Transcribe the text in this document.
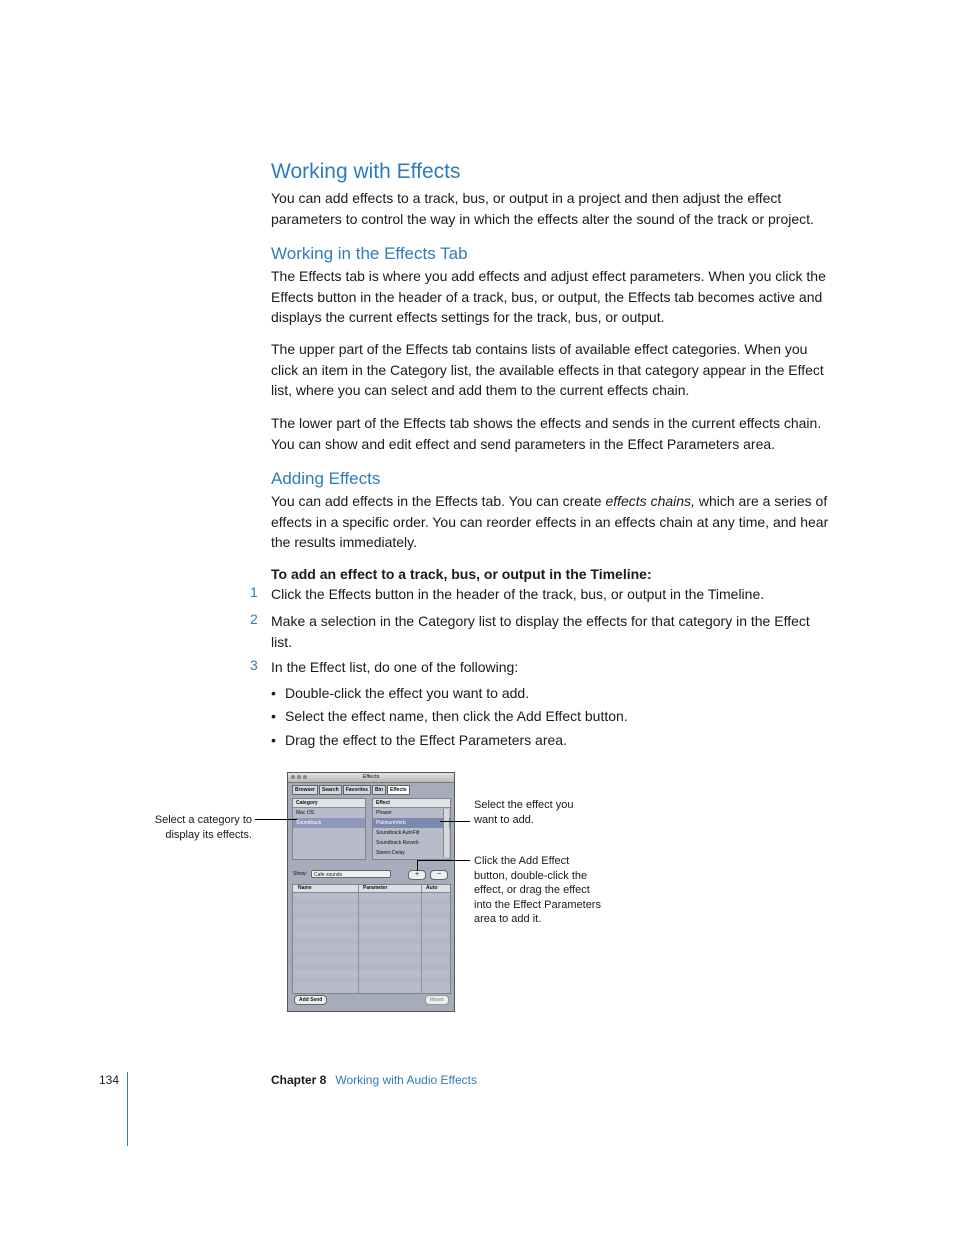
Working with Effects

You can add effects to a track, bus, or output in a project and then adjust the effect parameters to control the way in which the effects alter the sound of the track or project.

Working in the Effects Tab

The Effects tab is where you add effects and adjust effect parameters. When you click the Effects button in the header of a track, bus, or output, the Effects tab becomes active and displays the current effects settings for the track, bus, or output.

The upper part of the Effects tab contains lists of available effect categories. When you click an item in the Category list, the available effects in that category appear in the Effect list, where you can select and add them to the current effects chain.

The lower part of the Effects tab shows the effects and sends in the current effects chain. You can show and edit effect and send parameters in the Effect Parameters area.

Adding Effects

You can add effects in the Effects tab. You can create effects chains, which are a series of effects in a specific order. You can reorder effects in an effects chain at any time, and hear the results immediately.

To add an effect to a track, bus, or output in the Timeline:
1 Click the Effects button in the header of the track, bus, or output in the Timeline.
2 Make a selection in the Category list to display the effects for that category in the Effect list.
3 In the Effect list, do one of the following:
• Double-click the effect you want to add.
• Select the effect name, then click the Add Effect button.
• Drag the effect to the Effect Parameters area.
Effects
Browser Search Favorites Bin Effects
Category
Mac OS
Soundtrack
Effect
Phaser
PlatinumVerb
Soundtrack AutoFilt
Soundtrack Reverb
Stereo Delay
Show:	Cafe sounds	+	−
Name	Parameter	Auto
Add Send	Reset
Select a category to display its effects.
Select the effect you want to add.
Click the Add Effect button, double-click the effect, or drag the effect into the Effect Parameters area to add it.
134	Chapter 8 Working with Audio Effects
